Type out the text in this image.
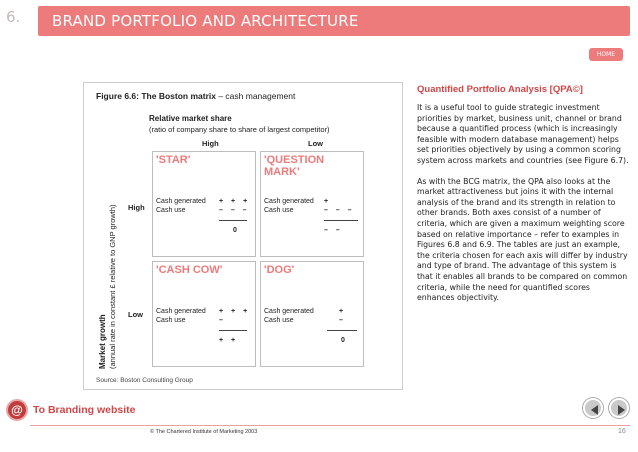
6. BRAND PORTFOLIO AND ARCHITECTURE
HOME
Figure 6.6: The Boston matrix – cash management
Relative market share
(ratio of company share to share of largest competitor)
High	Low
High
Low
Market growth
(annual rate in constant £ relative to GNP growth)
'STAR'
Cash generated
Cash use
+ + +
– – –
0
'QUESTION
MARK'
Cash generated
Cash use
+
– – –
– –
'CASH COW'
Cash generated
Cash use
+ + +
–
+ +
'DOG'
Cash generated
Cash use
+
–
0
Source: Boston Consulting Group
Quantified Portfolio Analysis [QPA©]

It is a useful tool to guide strategic investment priorities by market, business unit, channel or brand because a quantified process (which is increasingly feasible with modern database management) helps set priorities objectively by using a common scoring system across markets and countries (see Figure 6.7).

As with the BCG matrix, the QPA also looks at the market attractiveness but joins it with the internal analysis of the brand and its strength in relation to other brands. Both axes consist of a number of criteria, which are given a maximum weighting score based on relative importance – refer to examples in Figures 6.8 and 6.9. The tables are just an example, the criteria chosen for each axis will differ by industry and type of brand. The advantage of this system is that it enables all brands to be compared on common criteria, while the need for quantified scores enhances objectivity.

@ To Branding website
© The Chartered Institute of Marketing 2003	16
